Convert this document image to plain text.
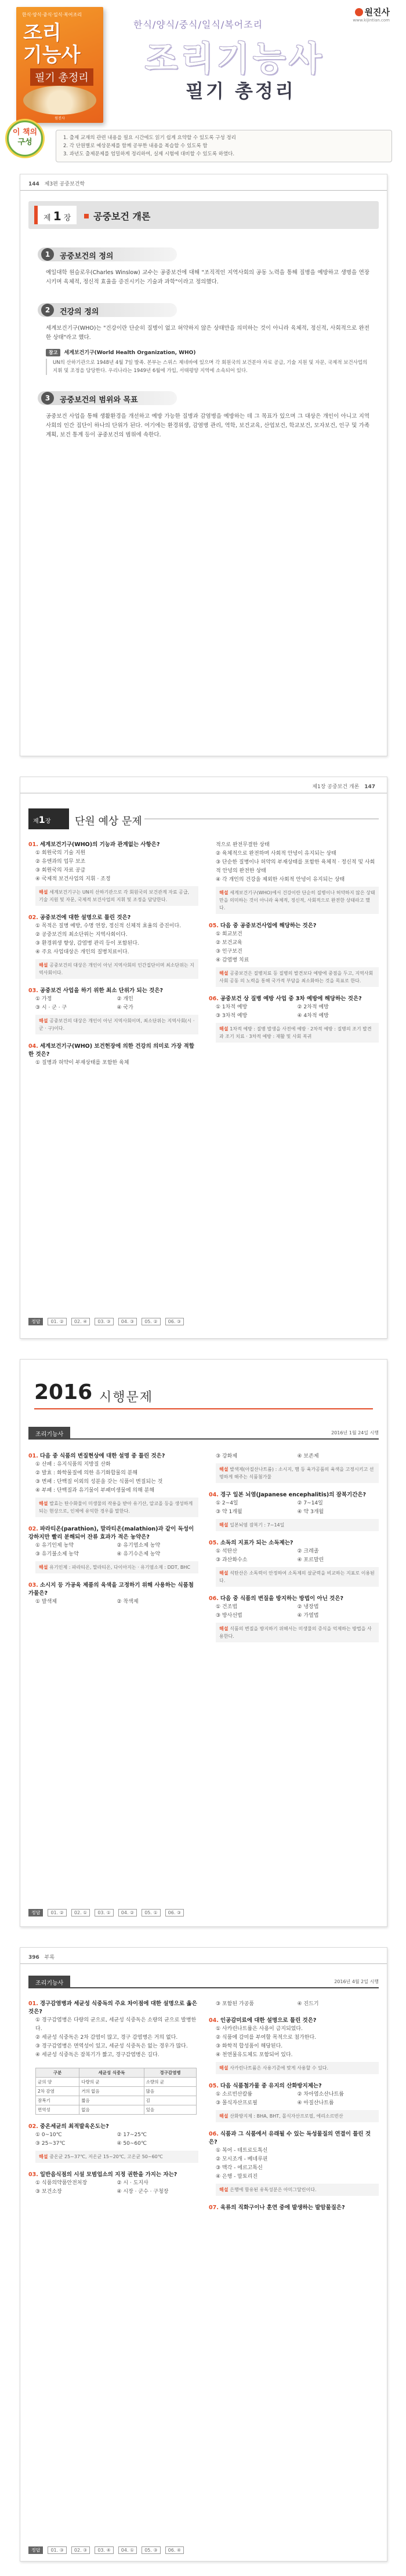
원진사
www.kijintian.com
한식·양식·중식·일식·복어조리
조리
기능사
필기 총정리
원진사
한식/양식/중식/일식/복어조리
조리기능사
필기 총정리
이 책의
구성	1. 출제 교재의 관련 내용을 필요 시간에도 읽기 쉽게 요약할 수 있도록 구성 정리
2. 각 단원별로 예상문제를 함께 공부한 내용을 복습할 수 있도록 함
3. 과년도 출제문제를 엄밀하게 정리하여, 실제 시험에 대비할 수 있도록 하였다.
144 제3편 공중보건학
제 1 장	공중보건 개론
1	공중보건의 정의

예일대학 원슬로우(Charles Winslow) 교수는 공중보건에 대해 "조직적인 지역사회의 공동 노력을 통해 질병을 예방하고 생명을 연장시키며 육체적, 정신적 효율을 증진시키는 기술과 과학"이라고 정의했다.

2	건강의 정의

세계보건기구(WHO)는 "건강이란 단순히 질병이 없고 허약하지 않은 상태만을 의미하는 것이 아니라 육체적, 정신적, 사회적으로 완전한 상태"라고 했다.

참고 세계보건기구(World Health Organization, WHO)
UN의 산하기관으로 1948년 4월 7일 발족. 본부는 스위스 제네바에 있으며 각 회원국의 보건분야 자료 공급, 기술 지원 및 자문, 국제적 보건사업의 지휘 및 조정을 담당한다. 우리나라는 1949년 6월에 가입, 서태평양 지역에 소속되어 있다.
3	공중보건의 범위와 목표

공중보건 사업을 통해 생활환경을 개선하고 예방 가능한 질병과 감염병을 예방하는 데 그 목표가 있으며 그 대상은 개인이 아니고 지역사회의 인간 집단이 하나의 단위가 된다. 여기에는 환경위생, 감염병 관리, 역학, 보건교육, 산업보건, 학교보건, 모자보건, 인구 및 가족계획, 보건 통계 등이 공중보건의 범위에 속한다.

제1장 공중보건 개론 147
제1장	단원 예상 문제
01. 세계보건기구(WHO)의 기능과 관계없는 사항은?
① 회원국의 기술 지원
② 유엔과의 업무 보조
③ 회원국의 자료 공급
④ 국제적 보건사업의 지휘 · 조정
해설 세계보건기구는 UN의 산하기관으로 각 회원국의 보건관계 자료 공급, 기술 지원 및 자문, 국제적 보건사업의 지휘 및 조정을 담당한다.
02. 공중보건에 대한 설명으로 틀린 것은?
① 목적은 질병 예방, 수명 연장, 정신적 신체적 효율의 증진이다.
② 공중보건의 최소단위는 지역사회이다.
③ 환경위생 향상, 감염병 관리 등이 포함된다.
④ 주요 사업대상은 개인의 질병치료이다.
해설 공중보건의 대상은 개인이 아닌 지역사회의 인간집단이며 최소단위는 지역사회이다.
03. 공중보건 사업을 하기 위한 최소 단위가 되는 것은?
① 가정	② 개인
③ 시 · 군 · 구	④ 국가
해설 공중보건의 대상은 개인이 아닌 지역사회이며, 최소단위는 지역사회(시 · 군 · 구)이다.
04. 세계보건기구(WHO) 보건헌장에 의한 건강의 의미로 가장 적합한 것은?
① 질병과 허약이 부재상태를 포함한 육체
적으로 완전무결한 상태
② 육체적으로 완전하며 사회적 안녕이 유지되는 상태
③ 단순한 질병이나 허약의 부재상태를 포함한 육체적 · 정신적 및 사회적 안녕의 완전한 상태
④ 각 개인의 건강을 제외한 사회적 안녕이 유지되는 상태
해설 세계보건기구(WHO)에서 건강이란 단순히 질병이나 허약하지 않은 상태만을 의미하는 것이 아니라 육체적, 정신적, 사회적으로 완전한 상태라고 했다.
05. 다음 중 공중보건사업에 해당하는 것은?
① 회교보건
② 보건교육
③ 인구보건
④ 감염병 치료
해설 공중보건은 질병치료 등 질병의 발견보다 예방에 중점을 두고, 지역사회 사회 공동 의 노력을 통해 국가적 부담을 최소화하는 것을 목표로 한다.
06. 공중보건 상 질병 예방 사업 중 3차 예방에 해당하는 것은?
① 1차적 예방	② 2차적 예방
③ 3차적 예방	④ 4차적 예방
해설 1차적 예방 : 질병 발생을 사전에 예방 · 2차적 예방 : 질병의 조기 발견과 조기 치료 · 3차적 예방 : 재활 및 사회 복귀
정답	01. ②	02. ④	03. ③	04. ③	05. ②	06. ③
2016 시행문제
조리기능사	2016년 1월 24일 시행
01. 다음 중 식품의 변질현상에 대한 설명 중 틀린 것은?
① 산패 : 유지식품의 지방질 산화
② 발효 : 화학물질에 의한 유기화합물의 분해
③ 변패 : 단백질 이외의 성분을 갖는 식품이 변질되는 것
④ 부패 : 단백질과 유기물이 부패미생물에 의해 분해
해설 발효는 탄수화물이 미생물의 작용을 받아 유기산, 알코올 등을 생성하게 되는 현상으로, 인체에 유익한 경우를 말한다.
02. 파라티온(parathion), 말라티온(malathion)과 같이 독성이 강하지만 빨리 분해되어 잔류 효과가 적은 농약은?
① 유기인제 농약	② 유기염소제 농약
③ 유기불소제 농약	④ 유기수은제 농약
해설 유기인제 : 파라티온, 말라티온, 다이아지논 · 유기염소제 : DDT, BHC
03. 소시지 등 가공육 제품의 육색을 고정하기 위해 사용하는 식품첨가물은?
① 발색제	② 착색제
③ 강화제	④ 보존제
해설 발색제(아질산나트륨) : 소시지, 햄 등 육가공품의 육색을 고정시키고 선명하게 해주는 식품첨가물
04. 경구 일본 뇌염(Japanese encephalitis)의 잠복기간은?
① 2~4일	② 7~14일
③ 약 1개월	④ 약 3개월
해설 일본뇌염 잠복기 : 7~14일
05. 소독의 지표가 되는 소독제는?
① 석탄산	② 크레졸
③ 과산화수소	④ 포르말린
해설 석탄산은 소독력이 안정하여 소독제의 살균력을 비교하는 지표로 이용된다.
06. 다음 중 식품의 변질을 방지하는 방법이 아닌 것은?
① 건조법	② 냉장법
③ 방사선법	④ 가열법
해설 식품의 변질을 방지하기 위해서는 미생물의 증식을 억제하는 방법을 사용한다.
정답	01. ②	02. ①	03. ①	04. ②	05. ①	06. ③
396 부록
조리기능사	2016년 4월 2일 시행
01. 경구감염병과 세균성 식중독의 주요 차이점에 대한 설명으로 옳은 것은?
① 경구감염병은 다량의 균으로, 세균성 식중독은 소량의 균으로 발병한다.
② 세균성 식중독은 2차 감염이 많고, 경구 감염병은 거의 없다.
③ 경구감염병은 면역성이 있고, 세균성 식중독은 없는 경우가 많다.
④ 세균성 식중독은 잠복기가 짧고, 경구감염병은 길다.
구분	세균성 식중독	경구감염병
균의 양	다량의 균	소량의 균
2차 감염	거의 없음	많음
잠복기	짧음	김
면역성	없음	있음
02. 중온세균의 최적발육온도는?
① 0~10℃	② 17~25℃
③ 25~37℃	④ 50~60℃
해설 중온균 25~37℃, 저온균 15~20℃, 고온균 50~60℃
03. 일반음식점의 시설 모범업소의 지정 권한을 가지는 자는?
① 식품의약품안전처장	② 시 · 도지사
③ 보건소장	④ 시장 · 군수 · 구청장
③ 포함된 가공품	④ 진드기
04. 인공감미료에 대한 설명으로 틀린 것은?
① 사카린나트륨은 사용이 금지되었다.
② 식품에 감미를 부여할 목적으로 첨가한다.
③ 화학적 합성품이 해당된다.
④ 천연물유도체도 포함되어 있다.
해설 사카린나트륨은 사용기준에 맞게 사용할 수 있다.
05. 다음 식품첨가물 중 유지의 산화방지제는?
① 소르빈산칼륨	② 차아염소산나트륨
③ 몰식자산프로필	④ 아질산나트륨
해설 산화방지제 : BHA, BHT, 몰식자산프로필, 에리소르빈산
06. 식품과 그 식품에서 유래될 수 있는 독성물질의 연결이 틀린 것은?
① 복어 - 테트로도톡신
② 모시조개 - 베네루핀
③ 맥각 - 에르고톡신
④ 은행 - 말토리진
해설 은행에 함유된 유독성분은 아미그달린이다.
07. 육류의 직화구이나 훈연 중에 발생하는 발암물질은?
정답	01. ③	02. ③	03. ④	04. ①	05. ③	06. ④
